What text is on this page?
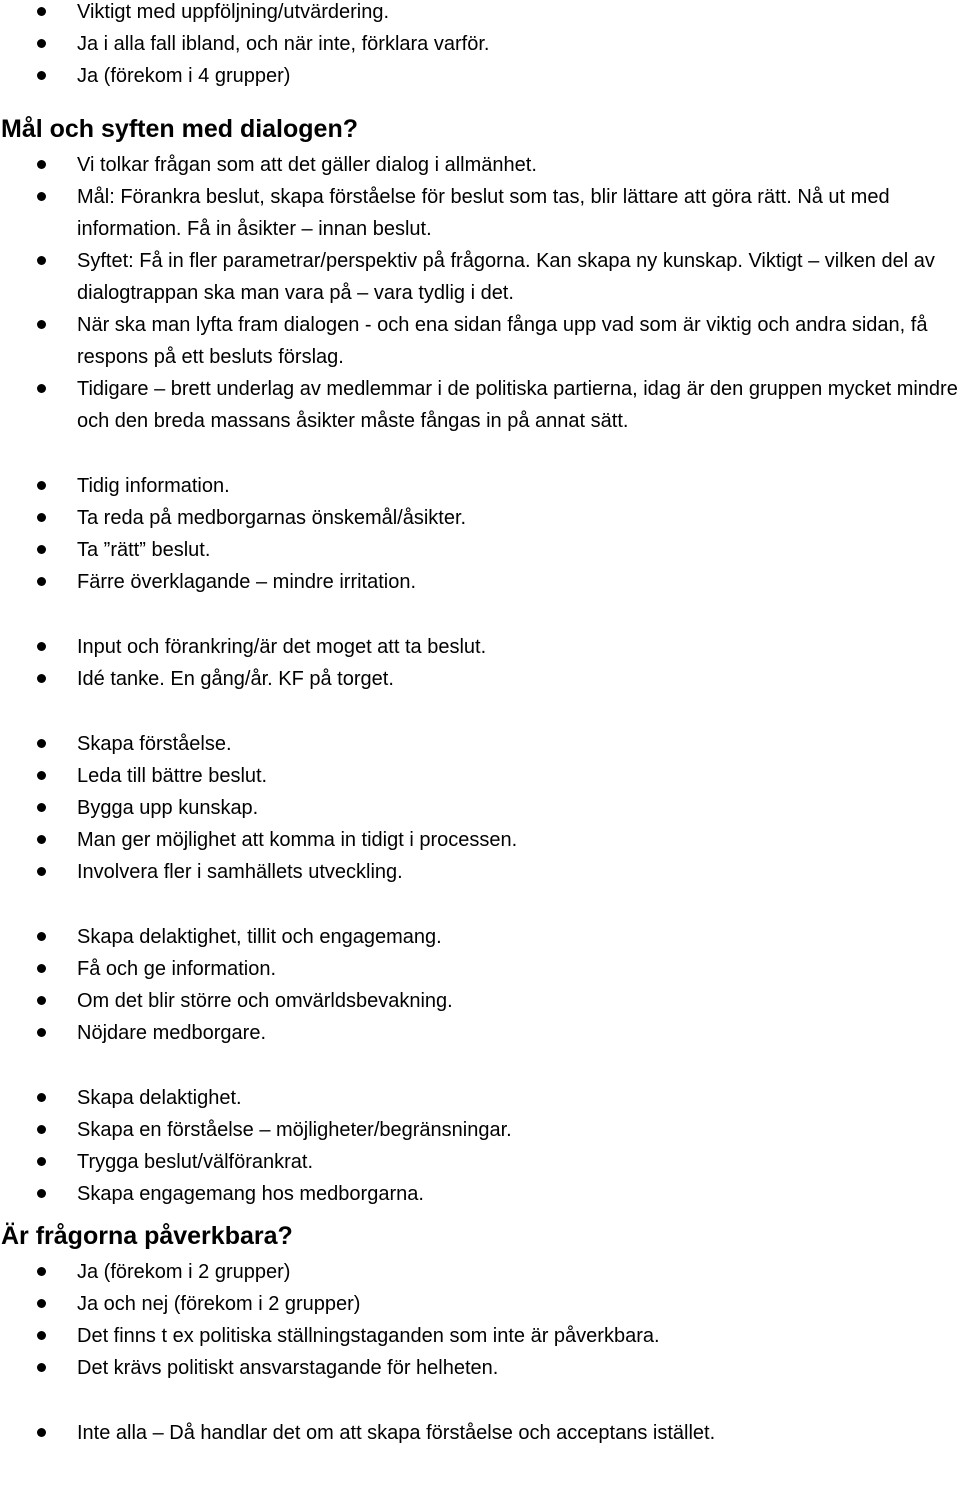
Viktigt med uppföljning/utvärdering.
Ja i alla fall ibland, och när inte, förklara varför.
Ja (förekom i 4 grupper)
Mål och syften med dialogen?
Vi tolkar frågan som att det gäller dialog i allmänhet.
Mål: Förankra beslut, skapa förståelse för beslut som tas, blir lättare att göra rätt. Nå ut med information. Få in åsikter – innan beslut.
Syftet: Få in fler parametrar/perspektiv på frågorna. Kan skapa ny kunskap. Viktigt – vilken del av dialogtrappan ska man vara på – vara tydlig i det.
När ska man lyfta fram dialogen - och ena sidan fånga upp vad som är viktig och andra sidan, få respons på ett besluts förslag.
Tidigare – brett underlag av medlemmar i de politiska partierna, idag är den gruppen mycket mindre och den breda massans åsikter måste fångas in på annat sätt.
Tidig information.
Ta reda på medborgarnas önskemål/åsikter.
Ta ”rätt” beslut.
Färre överklagande – mindre irritation.
Input och förankring/är det moget att ta beslut.
Idé tanke. En gång/år. KF på torget.
Skapa förståelse.
Leda till bättre beslut.
Bygga upp kunskap.
Man ger möjlighet att komma in tidigt i processen.
Involvera fler i samhällets utveckling.
Skapa delaktighet, tillit och engagemang.
Få och ge information.
Om det blir större och omvärldsbevakning.
Nöjdare medborgare.
Skapa delaktighet.
Skapa en förståelse – möjligheter/begränsningar.
Trygga beslut/välförankrat.
Skapa engagemang hos medborgarna.
Är frågorna påverkbara?
Ja (förekom i 2 grupper)
Ja och nej (förekom i 2 grupper)
Det finns t ex politiska ställningstaganden som inte är påverkbara.
Det krävs politiskt ansvarstagande för helheten.
Inte alla – Då handlar det om att skapa förståelse och acceptans istället.
